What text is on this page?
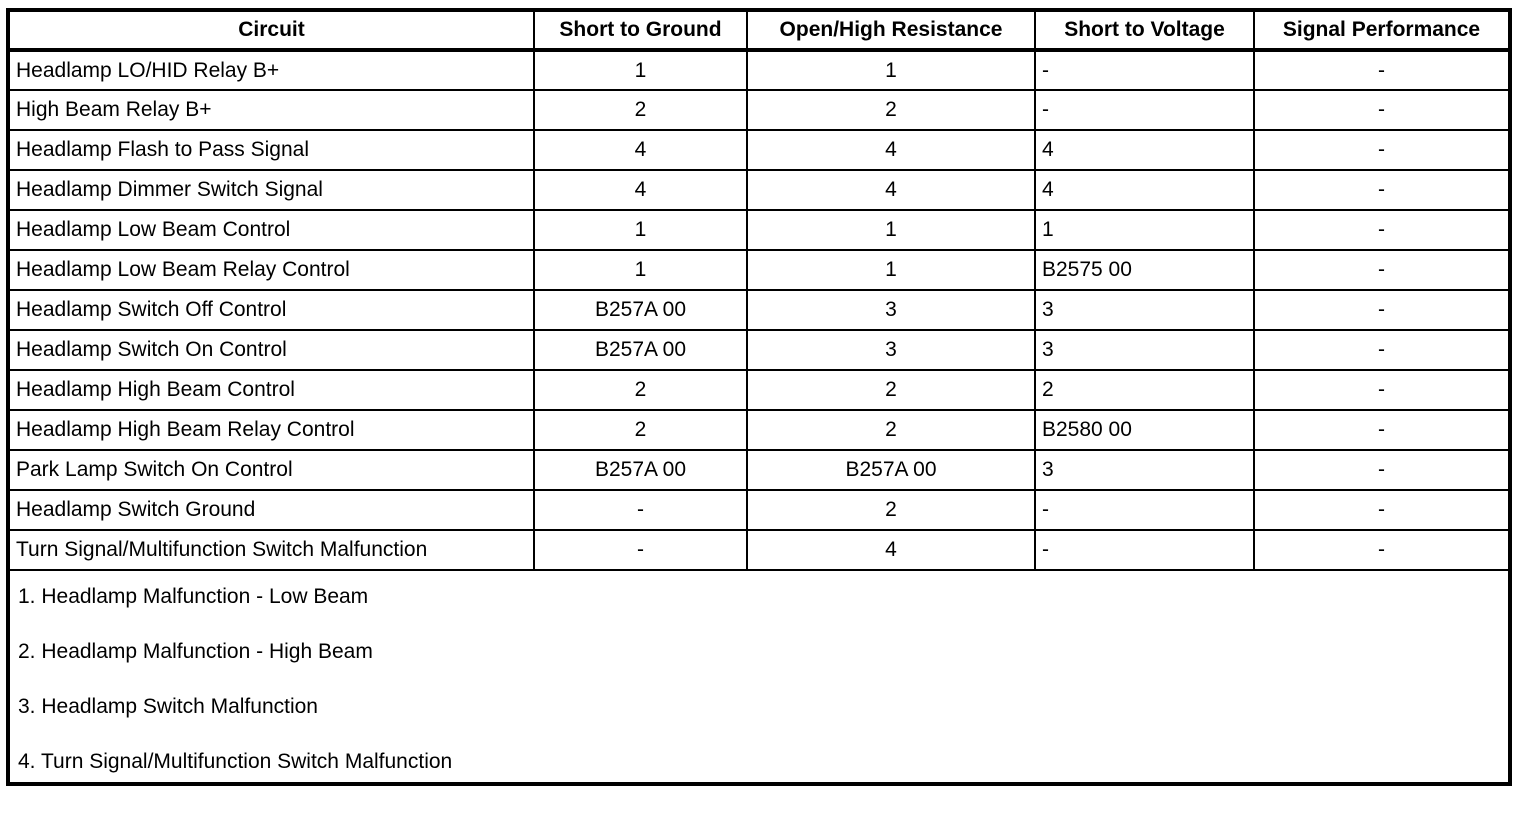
Circuit	Short to Ground	Open/High Resistance	Short to Voltage	Signal Performance
Headlamp LO/HID Relay B+	1	1	-	-
High Beam Relay B+	2	2	-	-
Headlamp Flash to Pass Signal	4	4	4	-
Headlamp Dimmer Switch Signal	4	4	4	-
Headlamp Low Beam Control	1	1	1	-
Headlamp Low Beam Relay Control	1	1	B2575 00	-
Headlamp Switch Off Control	B257A 00	3	3	-
Headlamp Switch On Control	B257A 00	3	3	-
Headlamp High Beam Control	2	2	2	-
Headlamp High Beam Relay Control	2	2	B2580 00	-
Park Lamp Switch On Control	B257A 00	B257A 00	3	-
Headlamp Switch Ground	-	2	-	-
Turn Signal/Multifunction Switch Malfunction	-	4	-	-

1. Headlamp Malfunction - Low Beam

2. Headlamp Malfunction - High Beam

3. Headlamp Switch Malfunction

4. Turn Signal/Multifunction Switch Malfunction				
